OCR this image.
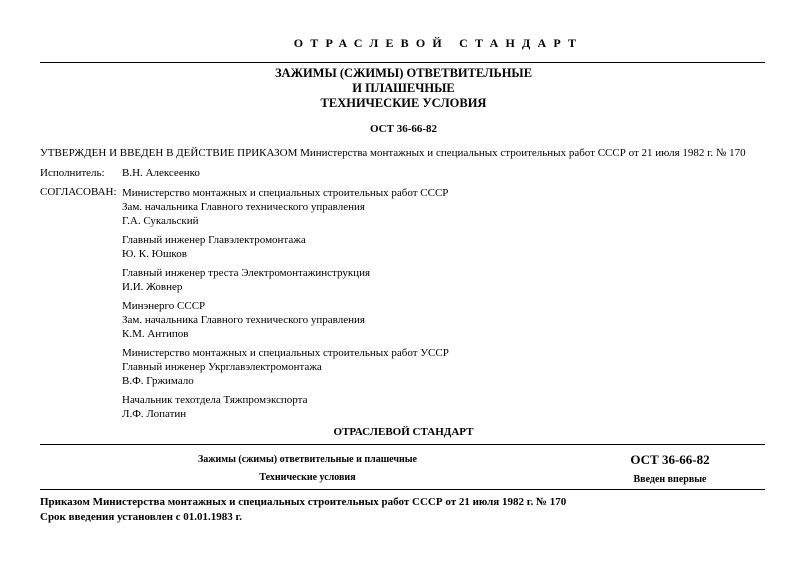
ОТРАСЛЕВОЙ СТАНДАРТ
ЗАЖИМЫ (СЖИМЫ) ОТВЕТВИТЕЛЬНЫЕ
И ПЛАШЕЧНЫЕ
ТЕХНИЧЕСКИЕ УСЛОВИЯ
ОСТ 36-66-82
УТВЕРЖДЕН И ВВЕДЕН В ДЕЙСТВИЕ ПРИКАЗОМ Министерства монтажных и специальных строительных работ СССР от 21 июля 1982 г. № 170
Исполнитель: В.Н. Алексеенко
СОГЛАСОВАН: Министерство монтажных и специальных строительных работ СССР
Зам. начальника Главного технического управления
Г.А. Сукальский
Главный инженер Главэлектромонтажа
Ю. К. Юшков
Главный инженер треста Электромонтажинструкция
И.И. Жовнер
Минэнерго СССР
Зам. начальника Главного технического управления
К.М. Антипов
Министерство монтажных и специальных строительных работ УССР
Главный инженер Укрглавэлектромонтажа
В.Ф. Гржимало
Начальник техотдела Тяжпромэкспорта
Л.Ф. Лопатин
ОТРАСЛЕВОЙ СТАНДАРТ
Зажимы (сжимы) ответвительные и плашечные
Технические условия
ОСТ 36-66-82
Введен впервые
Приказом Министерства монтажных и специальных строительных работ СССР от 21 июля 1982 г. № 170
Срок введения установлен с 01.01.1983 г.
